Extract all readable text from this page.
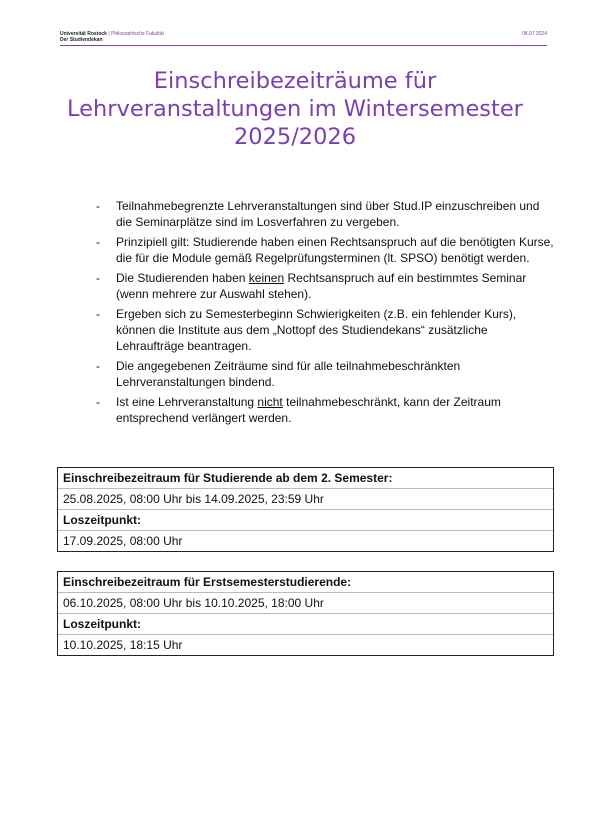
Universität Rostock | Philosophische Fakultät
Der Studiendekan
08.07.2024
Einschreibezeiträume für
Lehrveranstaltungen im Wintersemester
2025/2026
- Teilnahmebegrenzte Lehrveranstaltungen sind über Stud.IP einzuschreiben und die Seminarplätze sind im Losverfahren zu vergeben.
- Prinzipiell gilt: Studierende haben einen Rechtsanspruch auf die benötigten Kurse, die für die Module gemäß Regelprüfungsterminen (lt. SPSO) benötigt werden.
- Die Studierenden haben keinen Rechtsanspruch auf ein bestimmtes Seminar (wenn mehrere zur Auswahl stehen).
- Ergeben sich zu Semesterbeginn Schwierigkeiten (z.B. ein fehlender Kurs), können die Institute aus dem „Nottopf des Studiendekans“ zusätzliche Lehraufträge beantragen.
- Die angegebenen Zeiträume sind für alle teilnahmebeschränkten Lehrveranstaltungen bindend.
- Ist eine Lehrveranstaltung nicht teilnahmebeschränkt, kann der Zeitraum entsprechend verlängert werden.
Einschreibezeitraum für Studierende ab dem 2. Semester:
25.08.2025, 08:00 Uhr bis 14.09.2025, 23:59 Uhr
Loszeitpunkt:
17.09.2025, 08:00 Uhr
Einschreibezeitraum für Erstsemesterstudierende:
06.10.2025, 08:00 Uhr bis 10.10.2025, 18:00 Uhr
Loszeitpunkt:
10.10.2025, 18:15 Uhr
